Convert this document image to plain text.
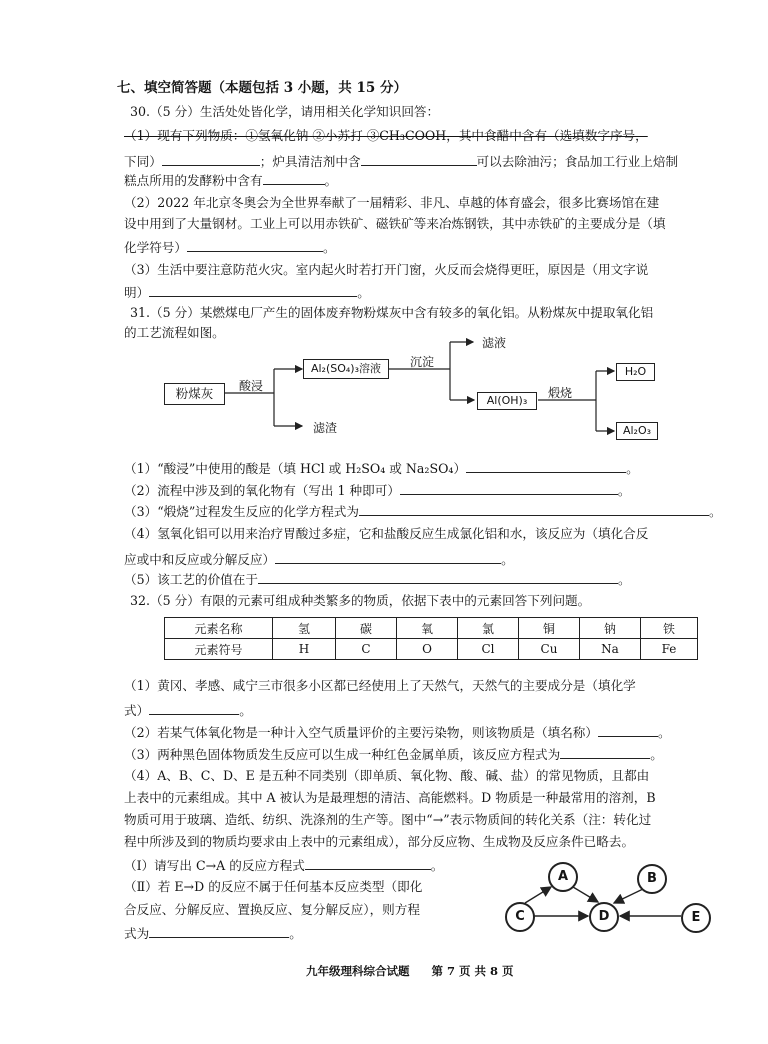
七、填空简答题（本题包括 3 小题，共 15 分）
30.（5 分）生活处处皆化学，请用相关化学知识回答：
（1）现有下列物质：①氢氧化钠 ②小苏打 ③CH₃COOH，其中食醋中含有（选填数字序号，
下同）	；炉具清洁剂中含	可以去除油污；食品加工行业上焙制
糕点所用的发酵粉中含有	。
（2）2022 年北京冬奥会为全世界奉献了一届精彩、非凡、卓越的体育盛会，很多比赛场馆在建
设中用到了大量钢材。工业上可以用赤铁矿、磁铁矿等来冶炼钢铁，其中赤铁矿的主要成分是（填
化学符号）	。
（3）生活中要注意防范火灾。室内起火时若打开门窗，火反而会烧得更旺，原因是（用文字说
明）	。
31.（5 分）某燃煤电厂产生的固体废弃物粉煤灰中含有较多的氧化铝。从粉煤灰中提取氧化铝
的工艺流程如图。
粉煤灰	酸浸
Al₂(SO₄)₃溶液
滤渣
沉淀
滤液
Al(OH)₃
煅烧
H₂O
Al₂O₃
（1）“酸浸”中使用的酸是（填 HCl 或 H₂SO₄ 或 Na₂SO₄）	。
（2）流程中涉及到的氧化物有（写出 1 种即可）	。
（3）“煅烧”过程发生反应的化学方程式为	。
（4）氢氧化铝可以用来治疗胃酸过多症，它和盐酸反应生成氯化铝和水，该反应为（填化合反
应或中和反应或分解反应）	。
（5）该工艺的价值在于	。
32.（5 分）有限的元素可组成种类繁多的物质，依据下表中的元素回答下列问题。
元素名称	氢	碳	氧	氯	铜	钠	铁
元素符号	H	C	O	Cl	Cu	Na	Fe
（1）黄冈、孝感、咸宁三市很多小区都已经使用上了天然气，天然气的主要成分是（填化学
式）	。
（2）若某气体氧化物是一种计入空气质量评价的主要污染物，则该物质是（填名称）	。
（3）两种黑色固体物质发生反应可以生成一种红色金属单质，该反应方程式为	。
（4）A、B、C、D、E 是五种不同类别（即单质、氧化物、酸、碱、盐）的常见物质，且都由
上表中的元素组成。其中 A 被认为是最理想的清洁、高能燃料。D 物质是一种最常用的溶剂，B
物质可用于玻璃、造纸、纺织、洗涤剂的生产等。图中“→”表示物质间的转化关系（注：转化过
程中所涉及到的物质均要求由上表中的元素组成），部分反应物、生成物及反应条件已略去。
（Ⅰ）请写出 C→A 的反应方程式	。
（Ⅱ）若 E→D 的反应不属于任何基本反应类型（即化
合反应、分解反应、置换反应、复分解反应），则方程
式为	。
A	B
C	D	E
九年级理科综合试题 第 7 页 共 8 页
